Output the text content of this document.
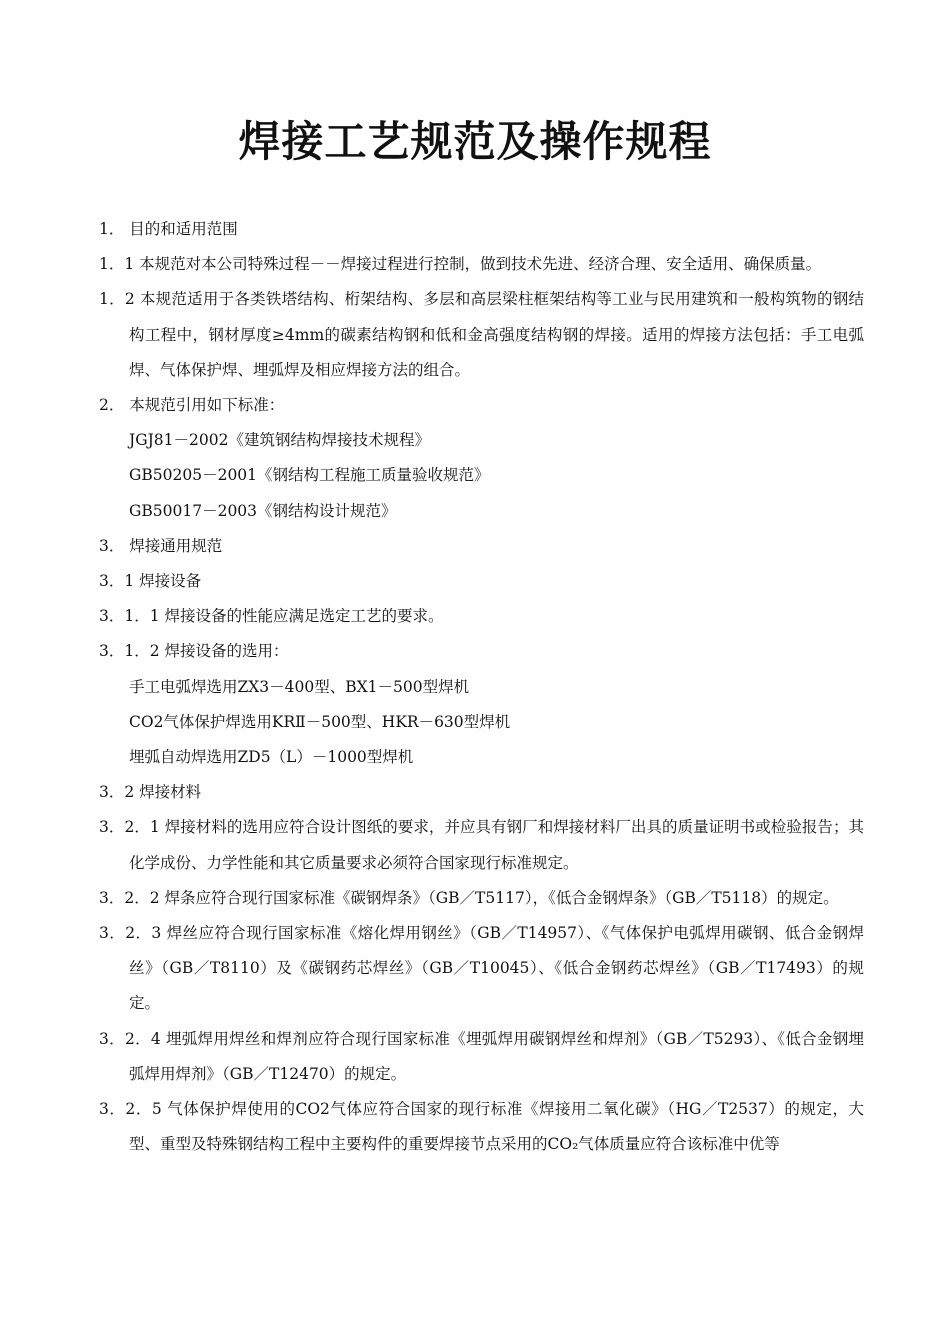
焊接工艺规范及操作规程

1． 目的和适用范围

1．1 本规范对本公司特殊过程－－焊接过程进行控制，做到技术先进、经济合理、安全适用、确保质量。

1．2 本规范适用于各类铁塔结构、桁架结构、多层和高层梁柱框架结构等工业与民用建筑和一般构筑物的钢结构工程中，钢材厚度≥4mm的碳素结构钢和低和金高强度结构钢的焊接。适用的焊接方法包括：手工电弧焊、气体保护焊、埋弧焊及相应焊接方法的组合。

2． 本规范引用如下标准：

JGJ81－2002《建筑钢结构焊接技术规程》

GB50205－2001《钢结构工程施工质量验收规范》

GB50017－2003《钢结构设计规范》

3． 焊接通用规范

3．1 焊接设备

3．1．1 焊接设备的性能应满足选定工艺的要求。

3．1．2 焊接设备的选用：

手工电弧焊选用ZX3－400型、BX1－500型焊机

CO2气体保护焊选用KRⅡ－500型、HKR－630型焊机

埋弧自动焊选用ZD5（L）－1000型焊机

3．2 焊接材料

3．2．1 焊接材料的选用应符合设计图纸的要求，并应具有钢厂和焊接材料厂出具的质量证明书或检验报告；其化学成份、力学性能和其它质量要求必须符合国家现行标准规定。

3．2．2 焊条应符合现行国家标准《碳钢焊条》（GB／T5117），《低合金钢焊条》（GB／T5118）的规定。

3．2．3 焊丝应符合现行国家标准《熔化焊用钢丝》（GB／T14957）、《气体保护电弧焊用碳钢、低合金钢焊丝》（GB／T8110）及《碳钢药芯焊丝》（GB／T10045）、《低合金钢药芯焊丝》（GB／T17493）的规定。

3．2．4 埋弧焊用焊丝和焊剂应符合现行国家标准《埋弧焊用碳钢焊丝和焊剂》（GB／T5293）、《低合金钢埋弧焊用焊剂》（GB／T12470）的规定。

3．2．5 气体保护焊使用的CO2气体应符合国家的现行标准《焊接用二氧化碳》（HG／T2537）的规定，大型、重型及特殊钢结构工程中主要构件的重要焊接节点采用的CO₂气体质量应符合该标准中优等
